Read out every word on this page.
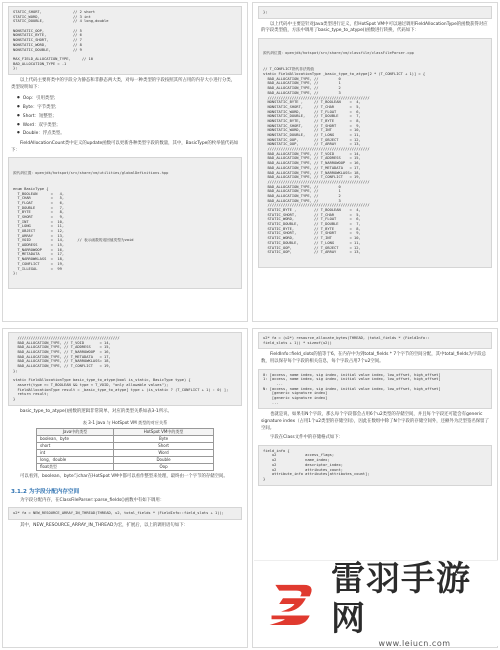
STATIC_SHORT,              // 2 short
STATIC_WORD,               // 3 int
STATIC_DOUBLE,             // 4 long,double
NONSTATIC_OOP,             // 5
NONSTATIC_BYTE,            // 6
NONSTATIC_SHORT,           // 7
NONSTATIC_WORD,            // 8
NONSTATIC_DOUBLE,          // 9
MAX_FIELD_ALLOCATION_TYPE,     // 10
BAD_ALLOCATION_TYPE = -1
};

以上代码主要将类中的字段分为静态和非静态两大类，对每一种类型的字段按照其所占用的内存大小进行分类，类型说明如下：

● Oop：引用类型；
● Byte：字节类型；
● Short：短整型；
● Word：双字类型；
● Double：浮点类型。

FieldAllocationCount类中定义的update函数可以更新各种类型字段的数量，其中，BasicType的枚举值代码如下：

源代码位置：openjdk/hotspot/src/share/vm/utilities/globalDefinitions.hpp

enum BasicType {
T_BOOLEAN      =   4,
T_CHAR         =   5,
T_FLOAT        =   6,
T_DOUBLE       =   7,
T_BYTE         =   8,
T_SHORT        =   9,
T_INT          =  10,
T_LONG         =  11,
T_OBJECT       =  12,
T_ARRAY        =  13,
T_VOID         =  14,      // 表示函数的返回值类型为void
T_ADDRESS      =  15,
T_NARROWOOP    =  16,
T_METADATA     =  17,
T_NARROWKLASS  =  18,
T_CONFLICT     =  19,
T_ILLEGAL      =  99
};

};

以上代码中主要是针对Java类型进行定义，但HotSpot VM中可以通过调用FieldAllocationType的函数获得对应的字段类型值，方法中调用了basic_type_to_atype()函数进行转换，代码如下：

源代码位置：openjdk/hotspot/src/share/vm/classfile/classFileParser.cpp

// T_CONFLICT指代非法的值
static FieldAllocationType _basic_type_to_atype[2 * (T_CONFLICT + 1)] = {
BAD_ALLOCATION_TYPE, //         0
BAD_ALLOCATION_TYPE, //         1
BAD_ALLOCATION_TYPE, //         2
BAD_ALLOCATION_TYPE, //         3
//////////////////////////////////////////////
NONSTATIC_BYTE ,     // T_BOOLEAN    =  4,
NONSTATIC_SHORT,     // T_CHAR       =  5,
NONSTATIC_WORD,      // T_FLOAT      =  6,
NONSTATIC_DOUBLE,    // T_DOUBLE     =  7,
NONSTATIC_BYTE,      // T_BYTE       =  8,
NONSTATIC_SHORT,     // T_SHORT      =  9,
NONSTATIC_WORD,      // T_INT        = 10,
NONSTATIC_DOUBLE,    // T_LONG       = 11,
NONSTATIC_OOP,       // T_OBJECT     = 12,
NONSTATIC_OOP,       // T_ARRAY      = 13,
//////////////////////////////////////////////
BAD_ALLOCATION_TYPE, // T_VOID       = 14,
BAD_ALLOCATION_TYPE, // T_ADDRESS    = 15,
BAD_ALLOCATION_TYPE, // T_NARROWOOP  = 16,
BAD_ALLOCATION_TYPE, // T_METADATA   = 17,
BAD_ALLOCATION_TYPE, // T_NARROWKLASS= 18,
BAD_ALLOCATION_TYPE, // T_CONFLICT   = 19,
//////////////////////////////////////////////
BAD_ALLOCATION_TYPE, //         0
BAD_ALLOCATION_TYPE, //         1
BAD_ALLOCATION_TYPE, //         2
BAD_ALLOCATION_TYPE, //         3
//////////////////////////////////////////////
STATIC_BYTE ,        // T_BOOLEAN    =  4,
STATIC_SHORT,        // T_CHAR       =  5,
STATIC_WORD,         // T_FLOAT      =  6,
STATIC_DOUBLE,       // T_DOUBLE     =  7,
STATIC_BYTE,         // T_BYTE       =  8,
STATIC_SHORT,        // T_SHORT      =  9,
STATIC_WORD,         // T_INT        = 10,
STATIC_DOUBLE,       // T_LONG       = 11,
STATIC_OOP,          // T_OBJECT     = 12,
STATIC_OOP,          // T_ARRAY      = 13,

//////////////////////////////////////////////
BAD_ALLOCATION_TYPE, // T_VOID       = 14,
BAD_ALLOCATION_TYPE, // T_ADDRESS    = 15,
BAD_ALLOCATION_TYPE, // T_NARROWOOP  = 16,
BAD_ALLOCATION_TYPE, // T_METADATA   = 17,
BAD_ALLOCATION_TYPE, // T_NARROWKLASS= 18,
BAD_ALLOCATION_TYPE, // T_CONFLICT   = 19,
};
static FieldAllocationType basic_type_to_atype(bool is_static, BasicType type) {
assert(type >= T_BOOLEAN && type < T_VOID, "only allowable values");
FieldAllocationType result = _basic_type_to_atype[ type + (is_static ? (T_CONFLICT + 1) : 0) ];
return result;
}

basic_type_to_atype()函数的逻辑非常简单，对应的类型关系如表3-1所示。

表 3-1 Java 与 HotSpot VM 类型的对应关系
Java中的类型	HotSpot VM中的类型
boolean、byte	Byte
short	Short
int	Word
long、double	Double
float类型	Oop

可以看到，boolean、byte与char在HotSpot VM中都可以看作整型来处理，最终由一个字节的存储空间。

3.1.2 为字段分配内存空间

为字段分配内存，在ClassFileParser::parse_fields()函数中有如下调用：

u2* fa = NEW_RESOURCE_ARRAY_IN_THREAD(THREAD, u2, total_fields * (FieldInfo::field_slots + 1));

其中，NEW_RESOURCE_ARRAY_IN_THREAD为宏，扩展后，以上的调用语句如下：

u2* fa = (u2*) resource_allocate_bytes(THREAD, (total_fields * (FieldInfo::
field_slots + 1)) * sizeof(u2))

FieldInfo::field_slots的值等于6。在内存中为到total_fields * 7个字节的空间分配，其中total_fields为字段总数，用以保存每个字段的相关信息，每个字段占用7个u2空间。

0: [access, name index, sig index, initial value index, low_offset, high_offset]
1: [access, name index, sig index, initial value index, low_offset, high_offset]
...
N: [access, name index, sig index, initial value index, low_offset, high_offset]
[generic signature index]
[generic signature index]
...

也就是说，如果有N个字段，那么每个字段都会占用6个u2类型的存储空间，并且每个字段还可能会有generic signature index（占用1个u2类型的存储空间），因此在数组中除了N个字段的存储空间外，还额外为泛型签名保留了空间。

字段在Class文件中的存储格式如下：

field_info {
u2             access_flags;
u2             name_index;
u2             descriptor_index;
u2             attributes_count;
attribute_info attributes[attributes_count];
}
雷羽手游网
www.leiucn.com
